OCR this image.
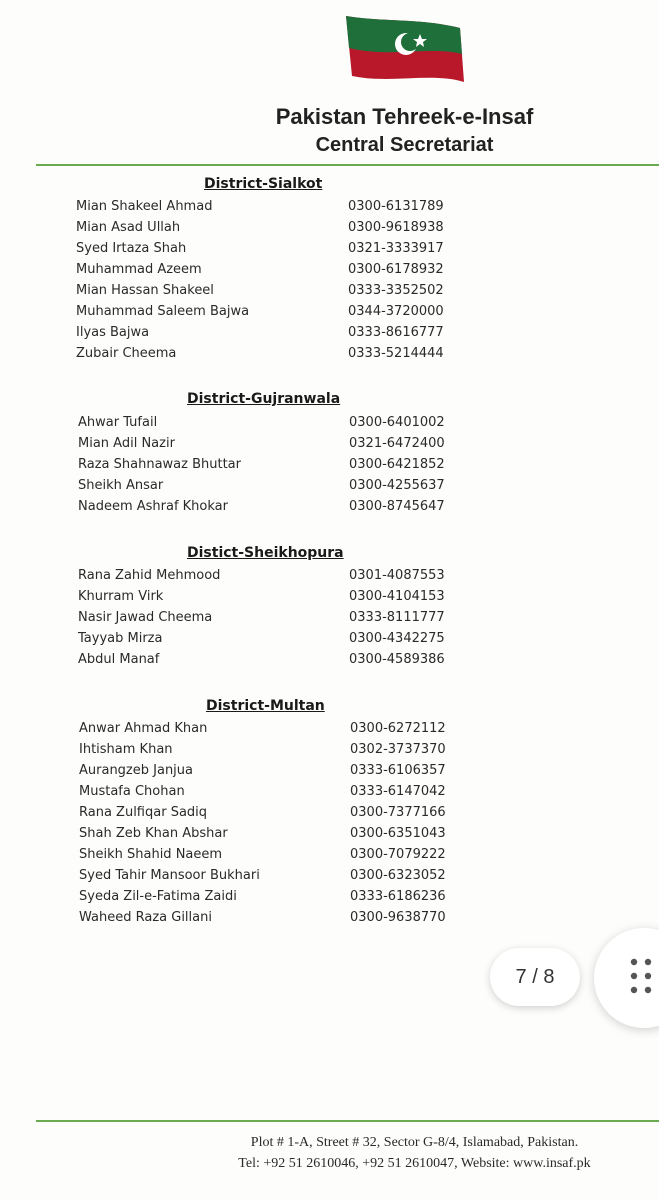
Pakistan Tehreek-e-Insaf
Central Secretariat
District-Sialkot
Mian Shakeel Ahmad	0300-6131789
Mian Asad Ullah	0300-9618938
Syed Irtaza Shah	0321-3333917
Muhammad Azeem	0300-6178932
Mian Hassan Shakeel	0333-3352502
Muhammad Saleem Bajwa	0344-3720000
Ilyas Bajwa	0333-8616777
Zubair Cheema	0333-5214444
District-Gujranwala
Ahwar Tufail	0300-6401002
Mian Adil Nazir	0321-6472400
Raza Shahnawaz Bhuttar	0300-6421852
Sheikh Ansar	0300-4255637
Nadeem Ashraf Khokar	0300-8745647
Distict-Sheikhopura
Rana Zahid Mehmood	0301-4087553
Khurram Virk	0300-4104153
Nasir Jawad Cheema	0333-8111777
Tayyab Mirza	0300-4342275
Abdul Manaf	0300-4589386
District-Multan
Anwar Ahmad Khan	0300-6272112
Ihtisham Khan	0302-3737370
Aurangzeb Janjua	0333-6106357
Mustafa Chohan	0333-6147042
Rana Zulfiqar Sadiq	0300-7377166
Shah Zeb Khan Abshar	0300-6351043
Sheikh Shahid Naeem	0300-7079222
Syed Tahir Mansoor Bukhari	0300-6323052
Syeda Zil-e-Fatima Zaidi	0333-6186236
Waheed Raza Gillani	0300-9638770
7 / 8
Plot # 1-A, Street # 32, Sector G-8/4, Islamabad, Pakistan.
Tel: +92 51 2610046, +92 51 2610047, Website: www.insaf.pk
